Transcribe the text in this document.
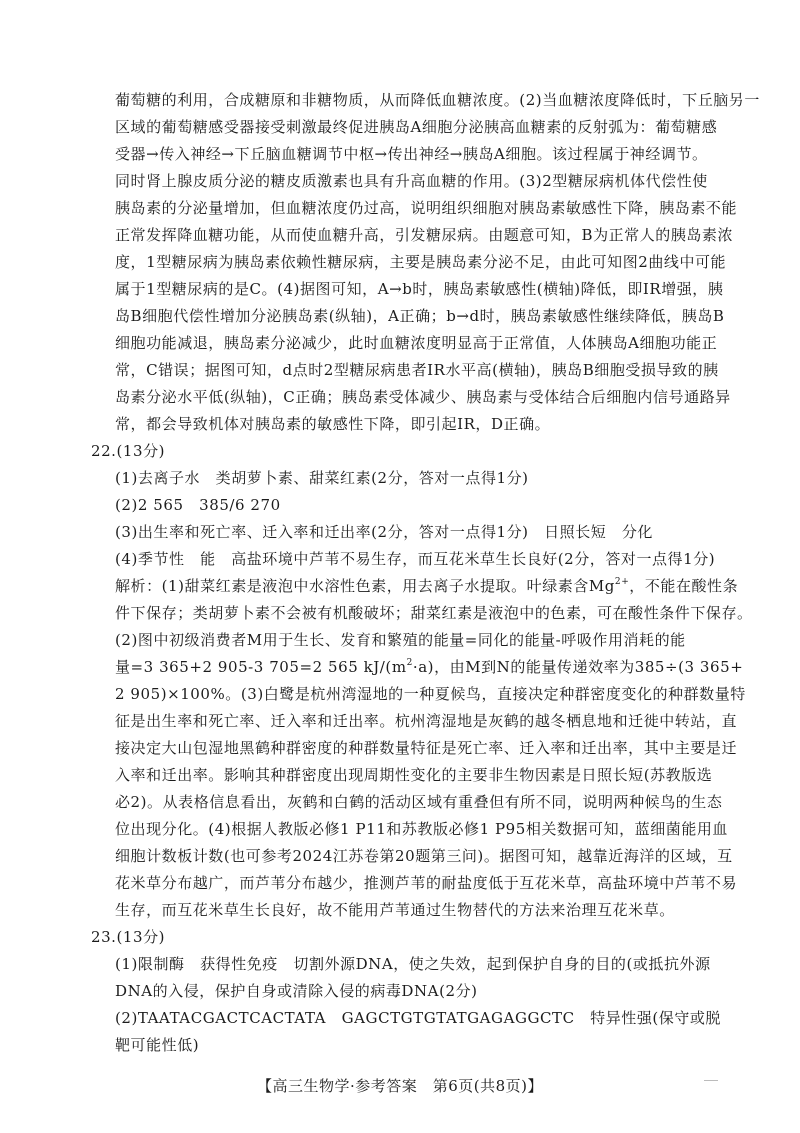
葡萄糖的利用，合成糖原和非糖物质，从而降低血糖浓度。(2)当血糖浓度降低时，下丘脑另一
区域的葡萄糖感受器接受刺激最终促进胰岛A细胞分泌胰高血糖素的反射弧为：葡萄糖感
受器→传入神经→下丘脑血糖调节中枢→传出神经→胰岛A细胞。该过程属于神经调节。
同时肾上腺皮质分泌的糖皮质激素也具有升高血糖的作用。(3)2型糖尿病机体代偿性使
胰岛素的分泌量增加，但血糖浓度仍过高，说明组织细胞对胰岛素敏感性下降，胰岛素不能
正常发挥降血糖功能，从而使血糖升高，引发糖尿病。由题意可知，B为正常人的胰岛素浓
度，1型糖尿病为胰岛素依赖性糖尿病，主要是胰岛素分泌不足，由此可知图2曲线中可能
属于1型糖尿病的是C。(4)据图可知，A→b时，胰岛素敏感性(横轴)降低，即IR增强，胰
岛B细胞代偿性增加分泌胰岛素(纵轴)，A正确；b→d时，胰岛素敏感性继续降低，胰岛B
细胞功能减退，胰岛素分泌减少，此时血糖浓度明显高于正常值，人体胰岛A细胞功能正
常，C错误；据图可知，d点时2型糖尿病患者IR水平高(横轴)，胰岛B细胞受损导致的胰
岛素分泌水平低(纵轴)，C正确；胰岛素受体减少、胰岛素与受体结合后细胞内信号通路异
常，都会导致机体对胰岛素的敏感性下降，即引起IR，D正确。
22.(13分)
(1)去离子水　类胡萝卜素、甜菜红素(2分，答对一点得1分)
(2)2 565　385/6 270
(3)出生率和死亡率、迁入率和迁出率(2分，答对一点得1分)　日照长短　分化
(4)季节性　能　高盐环境中芦苇不易生存，而互花米草生长良好(2分，答对一点得1分)
解析：(1)甜菜红素是液泡中水溶性色素，用去离子水提取。叶绿素含$Mg^{2+}$，不能在酸性条
件下保存；类胡萝卜素不会被有机酸破坏；甜菜红素是液泡中的色素，可在酸性条件下保存。
(2)图中初级消费者M用于生长、发育和繁殖的能量=同化的能量-呼吸作用消耗的能
量=3 365+2 905-3 705=2 565 $kJ/(m^2\cdot a)$，由M到N的能量传递效率为385÷(3 365+
2 905)×100%。(3)白鹭是杭州湾湿地的一种夏候鸟，直接决定种群密度变化的种群数量特
征是出生率和死亡率、迁入率和迁出率。杭州湾湿地是灰鹤的越冬栖息地和迁徙中转站，直
接决定大山包湿地黑鹤种群密度的种群数量特征是死亡率、迁入率和迁出率，其中主要是迁
入率和迁出率。影响其种群密度出现周期性变化的主要非生物因素是日照长短(苏教版选
必2)。从表格信息看出，灰鹤和白鹤的活动区域有重叠但有所不同，说明两种候鸟的生态
位出现分化。(4)根据人教版必修1 P11和苏教版必修1 P95相关数据可知，蓝细菌能用血
细胞计数板计数(也可参考2024江苏卷第20题第三问)。据图可知，越靠近海洋的区域，互
花米草分布越广，而芦苇分布越少，推测芦苇的耐盐度低于互花米草，高盐环境中芦苇不易
生存，而互花米草生长良好，故不能用芦苇通过生物替代的方法来治理互花米草。
23.(13分)
(1)限制酶　获得性免疫　切割外源DNA，使之失效，起到保护自身的目的(或抵抗外源
DNA的入侵，保护自身或清除入侵的病毒DNA(2分)
(2)TAATACGACTCACTATA　GAGCTGTGTATGAGAGGCTC　特异性强(保守或脱
靶可能性低)
【高三生物学·参考答案　第6页(共8页)】
